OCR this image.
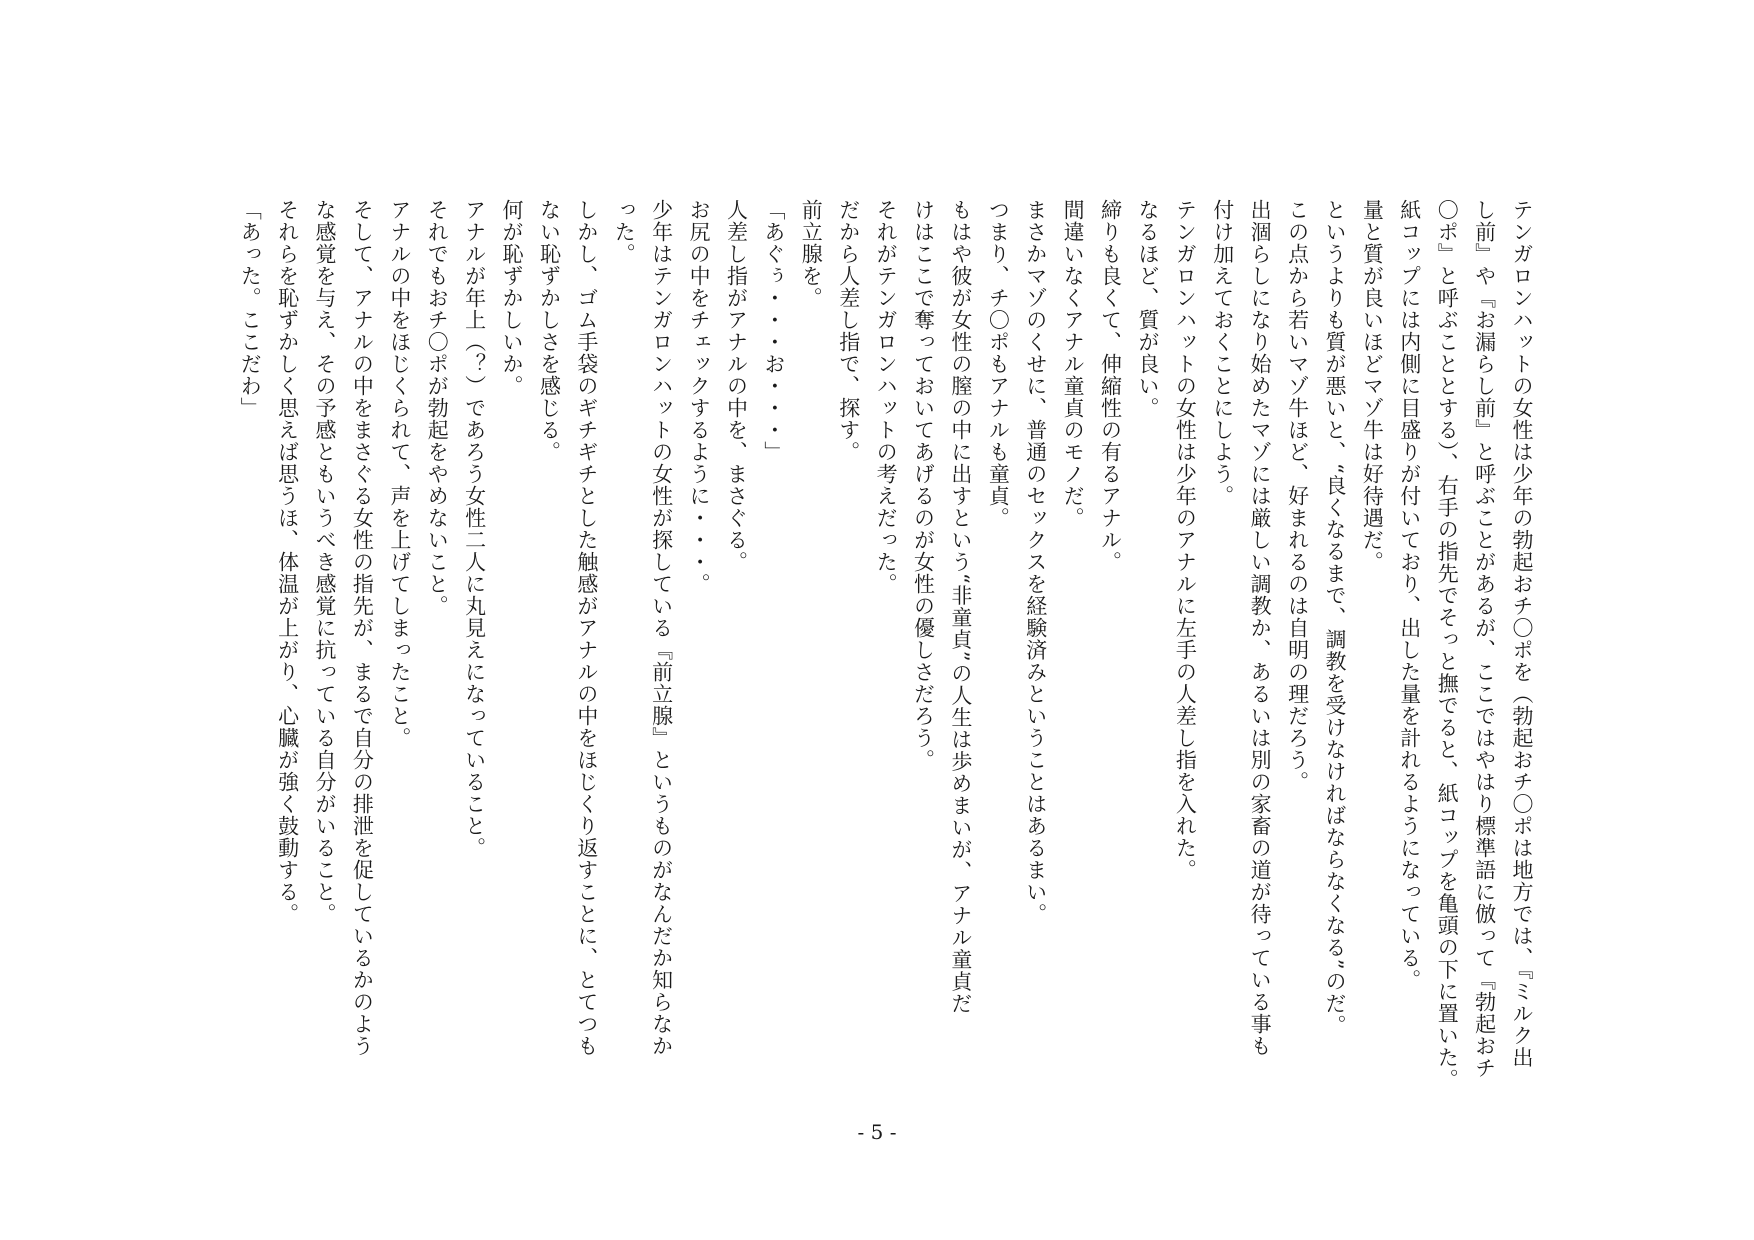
テンガロンハットの女性は少年の勃起おチ〇ポを（勃起おチ〇ポは地方では、『ミルク出
し前』や『お漏らし前』と呼ぶことがあるが、ここではやはり標準語に倣って『勃起おチ
〇ポ』と呼ぶこととする）、右手の指先でそっと撫でると、紙コップを亀頭の下に置いた。
紙コップには内側に目盛りが付いており、出した量を計れるようになっている。
量と質が良いほどマゾ牛は好待遇だ。
というよりも質が悪いと、“良くなるまで、調教を受けなければならなくなる”のだ。
この点から若いマゾ牛ほど、好まれるのは自明の理だろう。
出涸らしになり始めたマゾには厳しい調教か、あるいは別の家畜の道が待っている事も
付け加えておくことにしよう。
テンガロンハットの女性は少年のアナルに左手の人差し指を入れた。
なるほど、質が良い。
締りも良くて、伸縮性の有るアナル。
間違いなくアナル童貞のモノだ。
まさかマゾのくせに、普通のセックスを経験済みということはあるまい。
つまり、チ〇ポもアナルも童貞。
もはや彼が女性の膣の中に出すという“非童貞”の人生は歩めまいが、アナル童貞だ
けはここで奪っておいてあげるのが女性の優しさだろう。
それがテンガロンハットの考えだった。
だから人差し指で、探す。
前立腺を。
「あぐぅ・・・お・・・」
人差し指がアナルの中を、まさぐる。
お尻の中をチェックするように・・・。
少年はテンガロンハットの女性が探している『前立腺』というものがなんだか知らなか
った。
しかし、ゴム手袋のギチギチとした触感がアナルの中をほじくり返すことに、とてつも
ない恥ずかしさを感じる。
何が恥ずかしいか。
アナルが年上（？）であろう女性二人に丸見えになっていること。
それでもおチ〇ポが勃起をやめないこと。
アナルの中をほじくられて、声を上げてしまったこと。
そして、アナルの中をまさぐる女性の指先が、まるで自分の排泄を促しているかのよう
な感覚を与え、その予感ともいうべき感覚に抗っている自分がいること。
それらを恥ずかしく思えば思うほ、体温が上がり、心臓が強く鼓動する。
「あった。ここだわ」
- 5 -
